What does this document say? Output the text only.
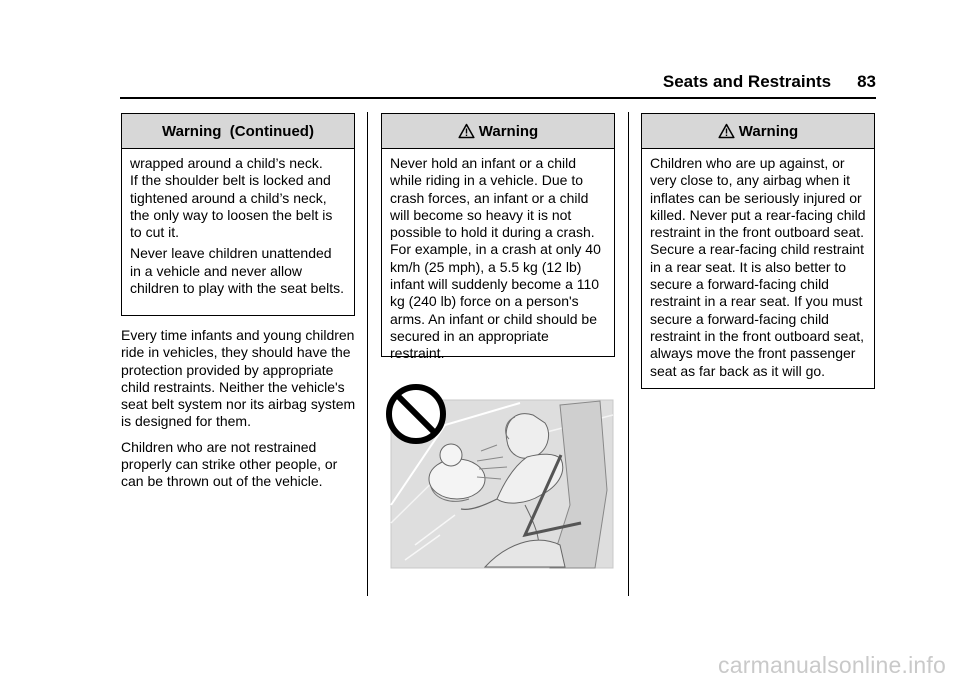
Seats and Restraints 83
Warning  (Continued)

wrapped around a child’s neck.
If the shoulder belt is locked and tightened around a child’s neck, the only way to loosen the belt is to cut it.

Never leave children unattended in a vehicle and never allow children to play with the seat belts.

Every time infants and young children ride in vehicles, they should have the protection provided by appropriate child restraints. Neither the vehicle's seat belt system nor its airbag system is designed for them.

Children who are not restrained properly can strike other people, or can be thrown out of the vehicle.

Warning

Never hold an infant or a child while riding in a vehicle. Due to crash forces, an infant or a child will become so heavy it is not possible to hold it during a crash. For example, in a crash at only 40 km/h (25 mph), a 5.5 kg (12 lb) infant will suddenly become a 110 kg (240 lb) force on a person's arms. An infant or child should be secured in an appropriate restraint.

Warning

Children who are up against, or very close to, any airbag when it inflates can be seriously injured or killed. Never put a rear-facing child restraint in the front outboard seat. Secure a rear-facing child restraint in a rear seat. It is also better to secure a forward-facing child restraint in a rear seat. If you must secure a forward-facing child restraint in the front outboard seat, always move the front passenger seat as far back as it will go.

carmanualsonline.info
